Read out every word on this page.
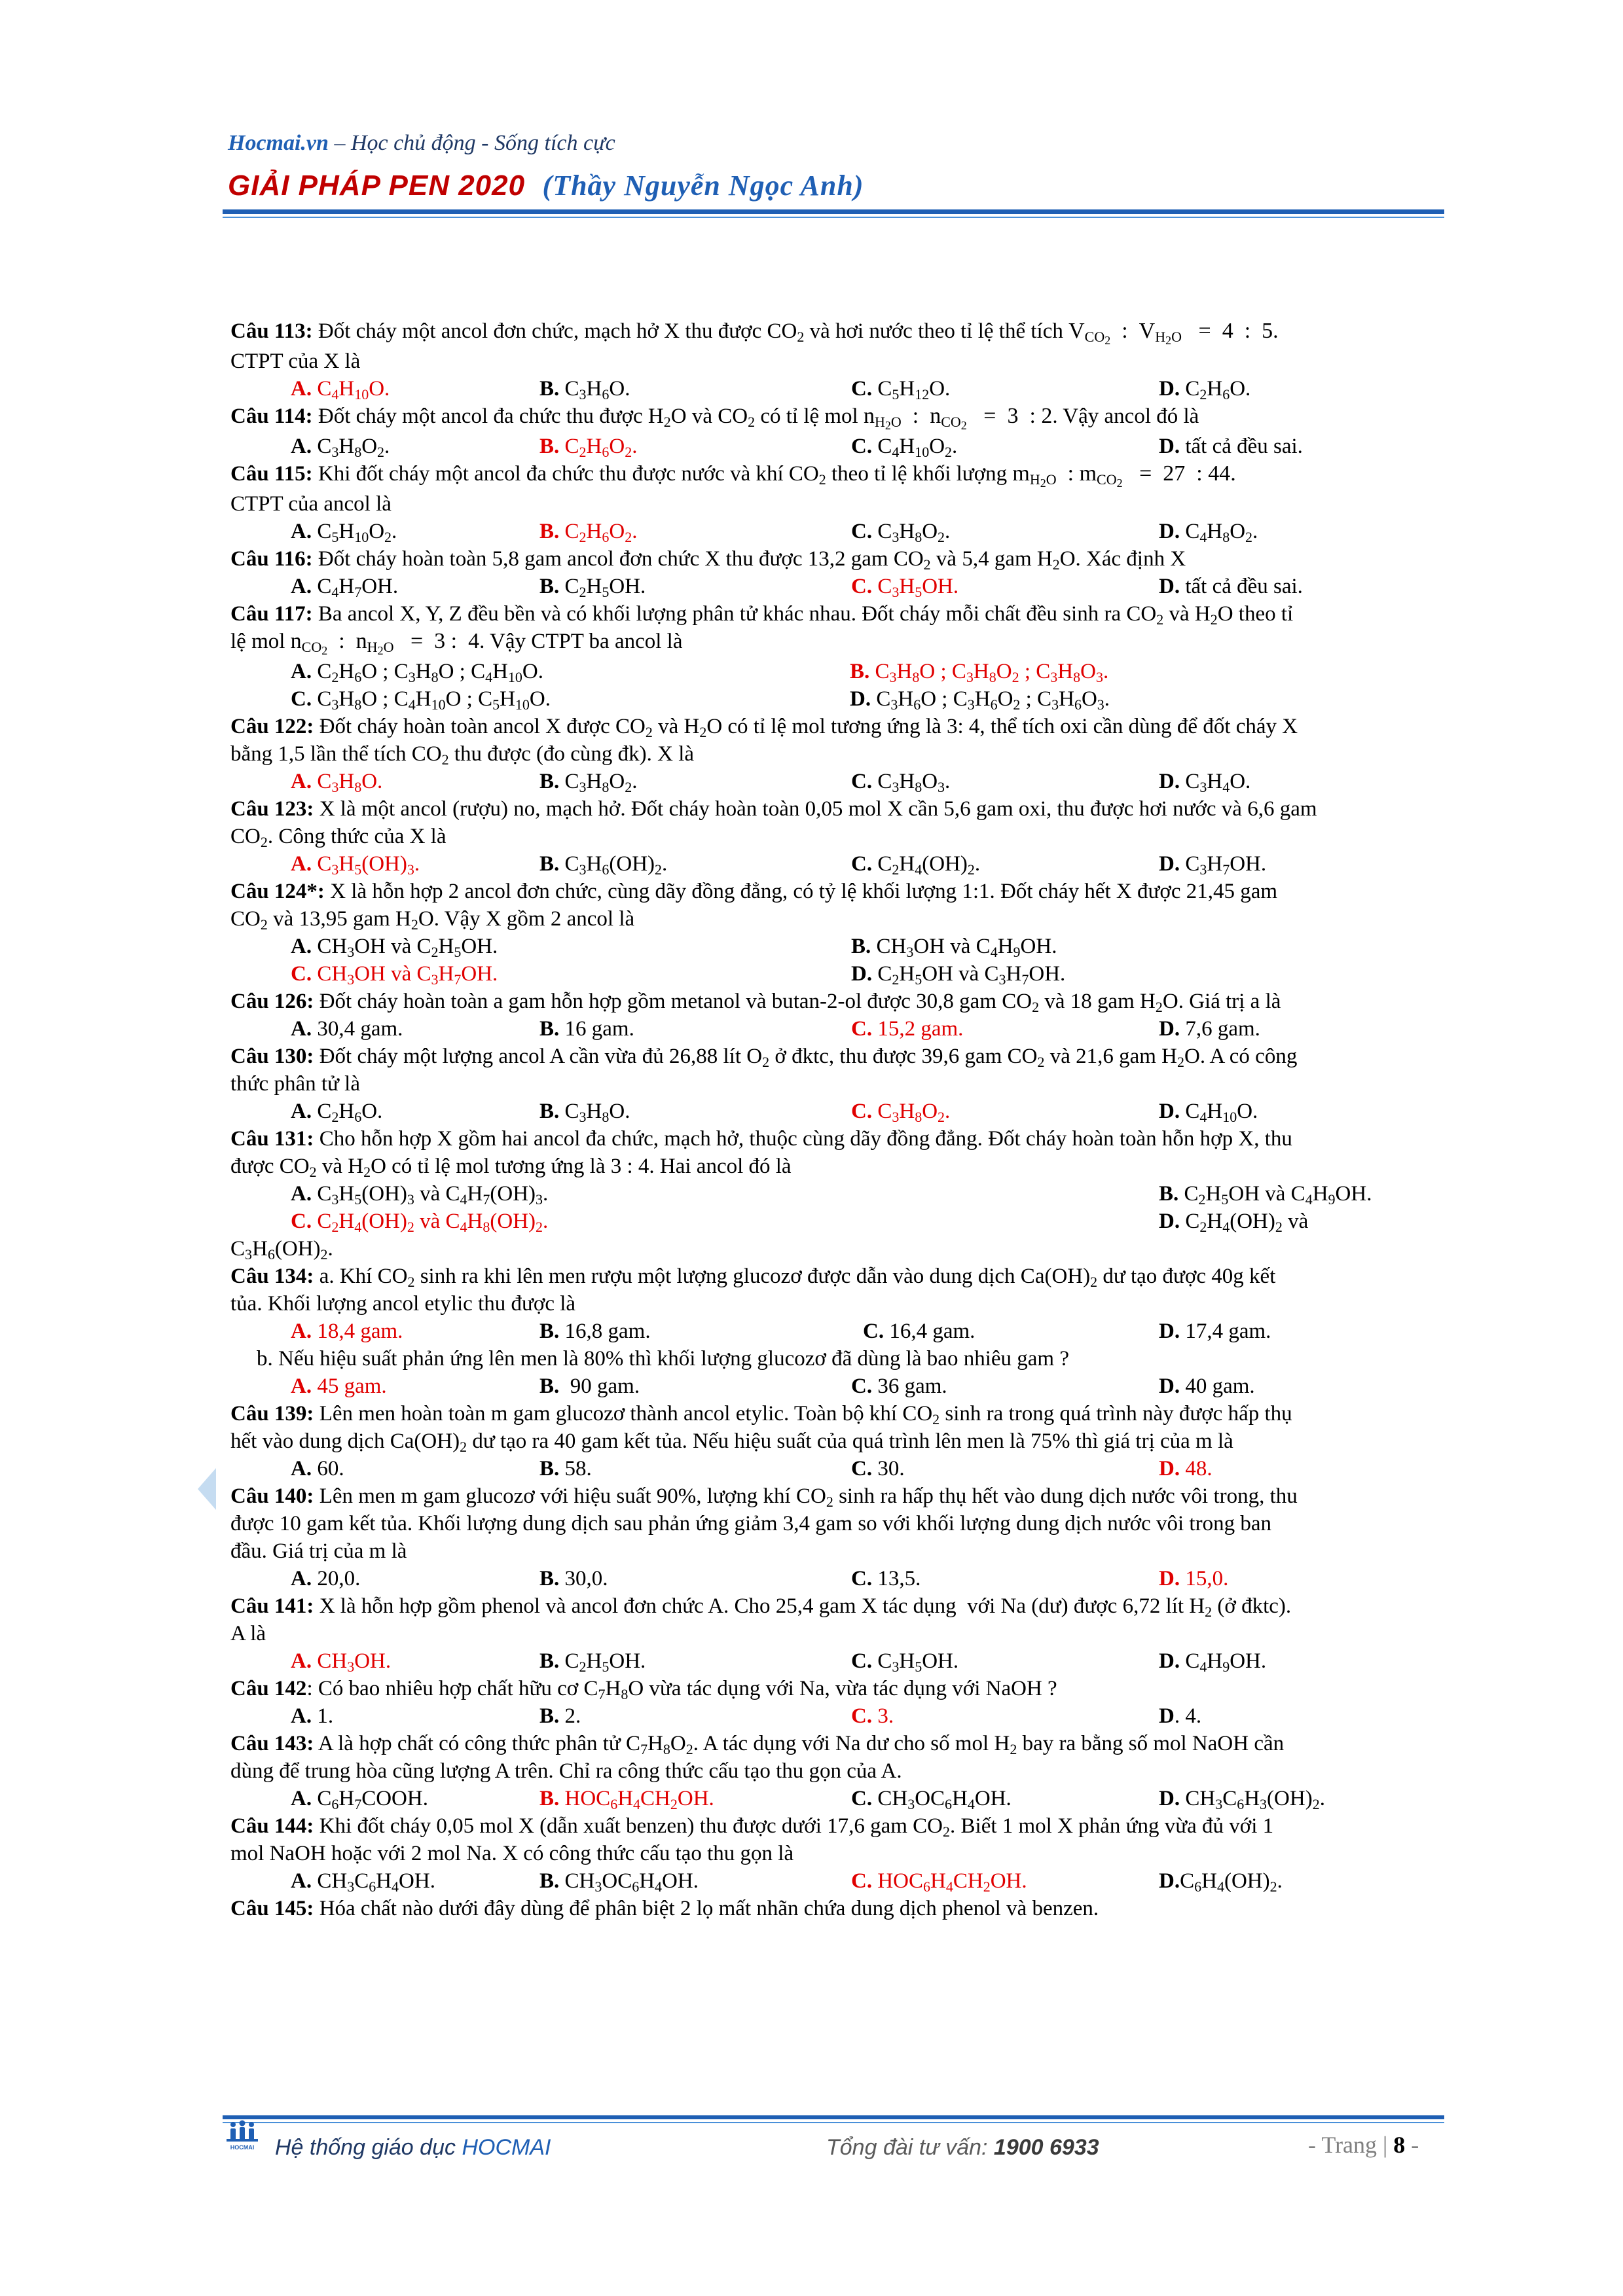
Hocmai.vn – Học chủ động - Sống tích cực
GIẢI PHÁP PEN 2020 (Thầy Nguyễn Ngọc Anh)
Câu 113: Đốt cháy một ancol đơn chức, mạch hở X thu được $CO_2$ và hơi nước theo tỉ lệ thể tích $V_{CO2}$  :  $V_{H2O} = 4$  :  5.
CTPT của X là
A. $C_4H_{10}O$.	B. $C_3H_6O$.	C. $C_5H_{12}O$.	D. $C_2H_6O$.
Câu 114: Đốt cháy một ancol đa chức thu được $H_2O$ và $CO_2$ có tỉ lệ mol $n_{H2O}$  :  $n_{CO2} = 3$  : 2. Vậy ancol đó là
A. $C_3H_8O_2$.	B. $C_2H_6O_2$.	C. $C_4H_{10}O_2$.	D. tất cả đều sai.
Câu 115: Khi đốt cháy một ancol đa chức thu được nước và khí $CO_2$ theo tỉ lệ khối lượng $m_{H2O}$  : $m_{CO2} = 27$  : 44.
CTPT của ancol là
A. $C_5H_{10}O_2$.	B. $C_2H_6O_2$.	C. $C_3H_8O_2$.	D. $C_4H_8O_2$.
Câu 116: Đốt cháy hoàn toàn 5,8 gam ancol đơn chức X thu được 13,2 gam $CO_2$ và 5,4 gam $H_2O$. Xác định X
A. $C_4H_7OH$.	B. $C_2H_5OH$.	C. $C_3H_5OH$.	D. tất cả đều sai.
Câu 117: Ba ancol X, Y, Z đều bền và có khối lượng phân tử khác nhau. Đốt cháy mỗi chất đều sinh ra $CO_2$ và $H_2O$ theo tỉ
lệ mol $n_{CO2}$  :  $n_{H2O} = 3$ :  4. Vậy CTPT ba ancol là
A. $C_2H_6O$ ; $C_3H_8O$ ; $C_4H_{10}O$.	B. $C_3H_8O$ ; $C_3H_8O_2$ ; $C_3H_8O_3$.
C. $C_3H_8O$ ; $C_4H_{10}O$ ; $C_5H_{10}O$.	D. $C_3H_6O$ ; $C_3H_6O_2$ ; $C_3H_6O_3$.
Câu 122: Đốt cháy hoàn toàn ancol X được $CO_2$ và $H_2O$ có tỉ lệ mol tương ứng là 3: 4, thể tích oxi cần dùng để đốt cháy X
bằng 1,5 lần thể tích $CO_2$ thu được (đo cùng đk). X là
A. $C_3H_8O$.	B. $C_3H_8O_2$.	C. $C_3H_8O_3$.	D. $C_3H_4O$.
Câu 123: X là một ancol (rượu) no, mạch hở. Đốt cháy hoàn toàn 0,05 mol X cần 5,6 gam oxi, thu được hơi nước và 6,6 gam
$CO_2$. Công thức của X là
A. $C_3H_5(OH)_3$.	B. $C_3H_6(OH)_2$.	C. $C_2H_4(OH)_2$.	D. $C_3H_7OH$.
Câu 124*: X là hỗn hợp 2 ancol đơn chức, cùng dãy đồng đẳng, có tỷ lệ khối lượng 1:1. Đốt cháy hết X được 21,45 gam
$CO_2$ và 13,95 gam $H_2O$. Vậy X gồm 2 ancol là
A. $CH_3OH$ và $C_2H_5OH$.	B. $CH_3OH$ và $C_4H_9OH$.
C. $CH_3OH$ và $C_3H_7OH$.	D. $C_2H_5OH$ và $C_3H_7OH$.
Câu 126: Đốt cháy hoàn toàn a gam hỗn hợp gồm metanol và butan-2-ol được 30,8 gam $CO_2$ và 18 gam $H_2O$. Giá trị a là
A. 30,4 gam.	B. 16 gam.	C. 15,2 gam.	D. 7,6 gam.
Câu 130: Đốt cháy một lượng ancol A cần vừa đủ 26,88 lít $O_2$ ở đktc, thu được 39,6 gam $CO_2$ và 21,6 gam $H_2O$. A có công
thức phân tử là
A. $C_2H_6O$.	B. $C_3H_8O$.	C. $C_3H_8O_2$.	D. $C_4H_{10}O$.
Câu 131: Cho hỗn hợp X gồm hai ancol đa chức, mạch hở, thuộc cùng dãy đồng đẳng. Đốt cháy hoàn toàn hỗn hợp X, thu
được $CO_2$ và $H_2O$ có tỉ lệ mol tương ứng là 3 : 4. Hai ancol đó là
A. $C_3H_5(OH)_3$ và $C_4H_7(OH)_3$.	B. $C_2H_5OH$ và $C_4H_9OH$.
C. $C_2H_4(OH)_2$ và $C_4H_8(OH)_2$.	D. $C_2H_4(OH)_2$ và
$C_3H_6(OH)_2$.
Câu 134: a. Khí $CO_2$ sinh ra khi lên men rượu một lượng glucozơ được dẫn vào dung dịch $Ca(OH)_2$ dư tạo được 40g kết
tủa. Khối lượng ancol etylic thu được là
A. 18,4 gam.	B. 16,8 gam.	C. 16,4 gam.	D. 17,4 gam.
b. Nếu hiệu suất phản ứng lên men là 80% thì khối lượng glucozơ đã dùng là bao nhiêu gam ?
A. 45 gam.	B.  90 gam.	C. 36 gam.	D. 40 gam.
Câu 139: Lên men hoàn toàn m gam glucozơ thành ancol etylic. Toàn bộ khí $CO_2$ sinh ra trong quá trình này được hấp thụ
hết vào dung dịch $Ca(OH)_2$ dư tạo ra 40 gam kết tủa. Nếu hiệu suất của quá trình lên men là 75% thì giá trị của m là
A. 60.	B. 58.	C. 30.	D. 48.
Câu 140: Lên men m gam glucozơ với hiệu suất 90%, lượng khí $CO_2$ sinh ra hấp thụ hết vào dung dịch nước vôi trong, thu
được 10 gam kết tủa. Khối lượng dung dịch sau phản ứng giảm 3,4 gam so với khối lượng dung dịch nước vôi trong ban
đầu. Giá trị của m là
A. 20,0.	B. 30,0.	C. 13,5.	D. 15,0.
Câu 141: X là hỗn hợp gồm phenol và ancol đơn chức A. Cho 25,4 gam X tác dụng  với Na (dư) được 6,72 lít $H_2$ (ở đktc).
A là
A. $CH_3OH$.	B. $C_2H_5OH$.	C. $C_3H_5OH$.	D. $C_4H_9OH$.
Câu 142: Có bao nhiêu hợp chất hữu cơ $C_7H_8O$ vừa tác dụng với Na, vừa tác dụng với NaOH ?
A. 1.	B. 2.	C. 3.	D. 4.
Câu 143: A là hợp chất có công thức phân tử $C_7H_8O_2$. A tác dụng với Na dư cho số mol $H_2$ bay ra bằng số mol NaOH cần
dùng để trung hòa cũng lượng A trên. Chỉ ra công thức cấu tạo thu gọn của A.
A. $C_6H_7COOH$.	B. $HOC_6H_4CH_2OH$.	C. $CH_3OC_6H_4OH$.	D. $CH_3C_6H_3(OH)_2$.
Câu 144: Khi đốt cháy 0,05 mol X (dẫn xuất benzen) thu được dưới 17,6 gam $CO_2$. Biết 1 mol X phản ứng vừa đủ với 1
mol NaOH hoặc với 2 mol Na. X có công thức cấu tạo thu gọn là
A. $CH_3C_6H_4OH$.	B. $CH_3OC_6H_4OH$.	C. $HOC_6H_4CH_2OH$.	$D.C_6H_4(OH)_2$.
Câu 145: Hóa chất nào dưới đây dùng để phân biệt 2 lọ mất nhãn chứa dung dịch phenol và benzen.
HOCMAI Hệ thống giáo dục HOCMAI	Tổng đài tư vấn: 1900 6933	- Trang | 8 -
